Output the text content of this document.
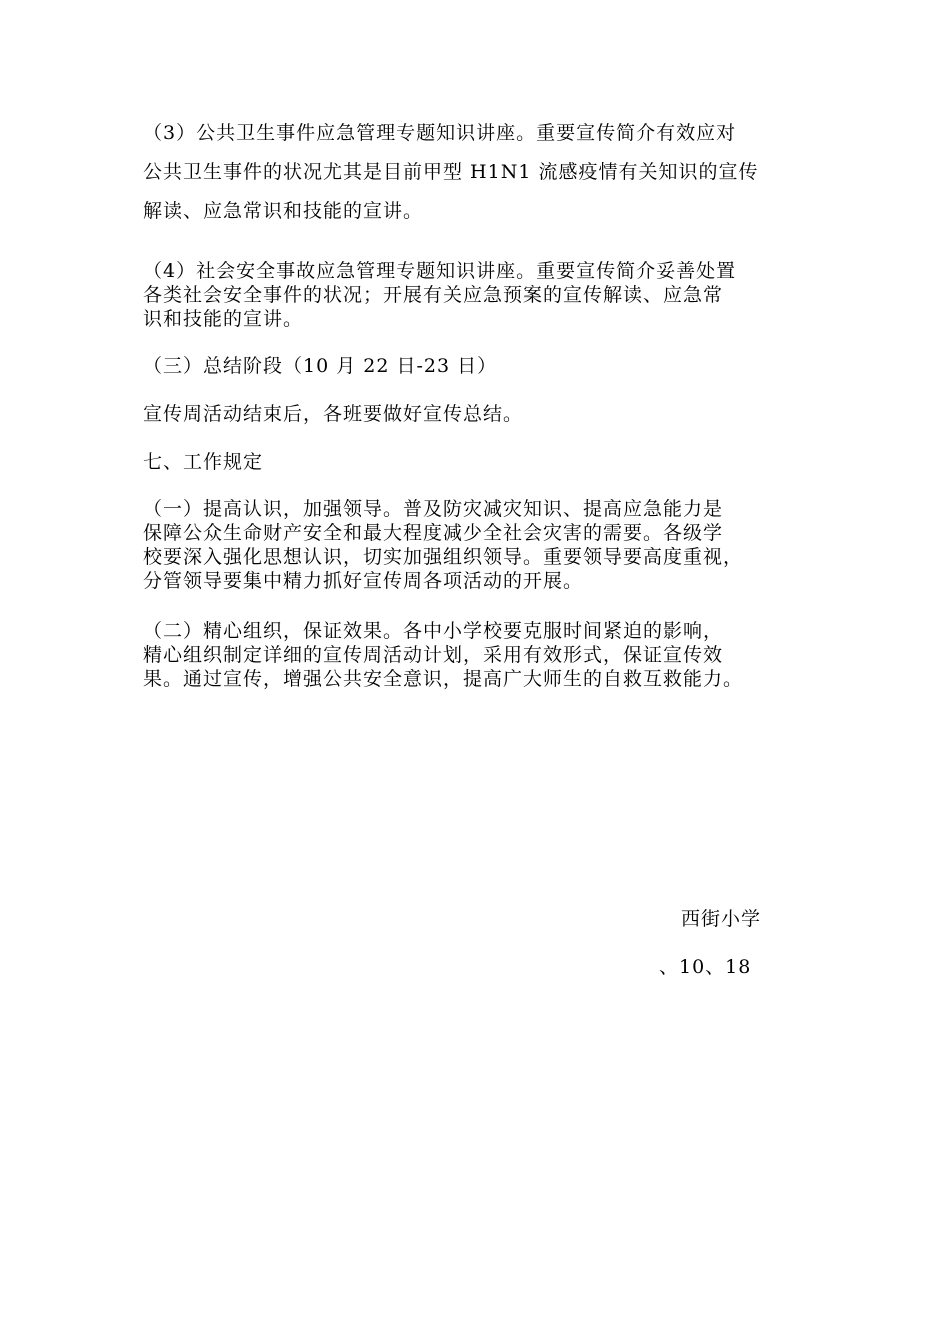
（3）公共卫生事件应急管理专题知识讲座。重要宣传简介有效应对
公共卫生事件的状况尤其是目前甲型 H1N1 流感疫情有关知识的宣传
解读、应急常识和技能的宣讲。

（4）社会安全事故应急管理专题知识讲座。重要宣传简介妥善处置
各类社会安全事件的状况；开展有关应急预案的宣传解读、应急常
识和技能的宣讲。

（三）总结阶段（10 月 22 日-23 日）

宣传周活动结束后，各班要做好宣传总结。

七、工作规定

（一）提高认识，加强领导。普及防灾减灾知识、提高应急能力是
保障公众生命财产安全和最大程度减少全社会灾害的需要。各级学
校要深入强化思想认识，切实加强组织领导。重要领导要高度重视，
分管领导要集中精力抓好宣传周各项活动的开展。

（二）精心组织，保证效果。各中小学校要克服时间紧迫的影响，
精心组织制定详细的宣传周活动计划，采用有效形式，保证宣传效
果。通过宣传，增强公共安全意识，提高广大师生的自救互救能力。

西街小学
、10、18
